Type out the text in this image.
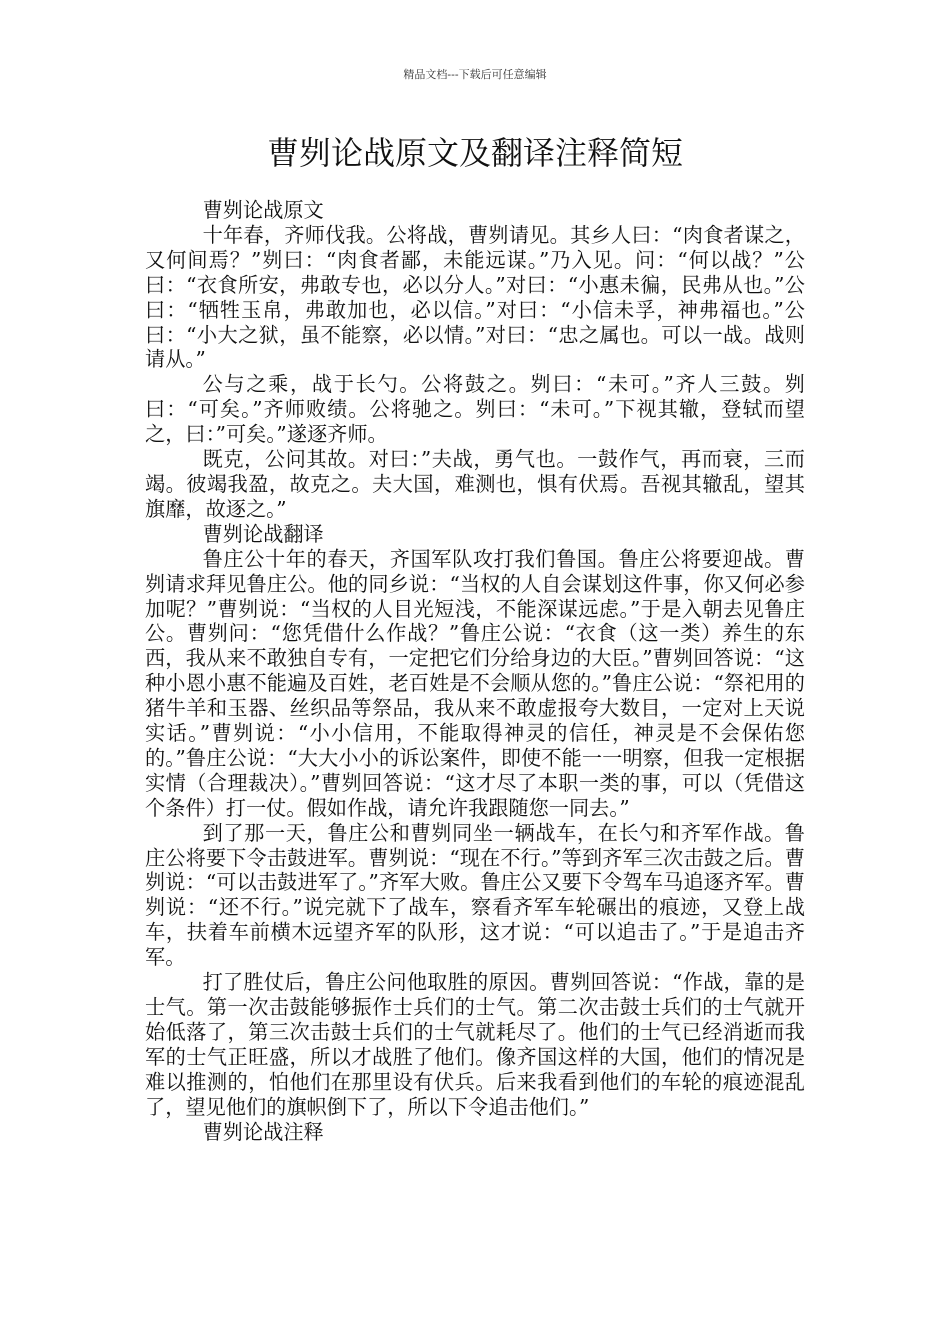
精品文档---下载后可任意编辑
曹刿论战原文及翻译注释简短

曹刿论战原文

十年春，齐师伐我。公将战，曹刿请见。其乡人曰：“肉食者谋之，又何间焉？”刿曰：“肉食者鄙，未能远谋。”乃入见。问：“何以战？”公曰：“衣食所安，弗敢专也，必以分人。”对曰：“小惠未徧，民弗从也。”公曰：“牺牲玉帛，弗敢加也，必以信。”对曰：“小信未孚，神弗福也。”公曰：“小大之狱，虽不能察，必以情。”对曰：“忠之属也。可以一战。战则请从。”

公与之乘，战于长勺。公将鼓之。刿曰：“未可。”齐人三鼓。刿曰：“可矣。”齐师败绩。公将驰之。刿曰：“未可。”下视其辙，登轼而望之，曰：”可矣。”遂逐齐师。

既克，公问其故。对曰：”夫战，勇气也。一鼓作气，再而衰，三而竭。彼竭我盈，故克之。夫大国，难测也，惧有伏焉。吾视其辙乱，望其旗靡，故逐之。”

曹刿论战翻译

鲁庄公十年的春天，齐国军队攻打我们鲁国。鲁庄公将要迎战。曹刿请求拜见鲁庄公。他的同乡说：“当权的人自会谋划这件事，你又何必参加呢？”曹刿说：“当权的人目光短浅，不能深谋远虑。”于是入朝去见鲁庄公。曹刿问：“您凭借什么作战？”鲁庄公说：“衣食（这一类）养生的东西，我从来不敢独自专有，一定把它们分给身边的大臣。”曹刿回答说：“这种小恩小惠不能遍及百姓，老百姓是不会顺从您的。”鲁庄公说：“祭祀用的猪牛羊和玉器、丝织品等祭品，我从来不敢虚报夸大数目，一定对上天说实话。”曹刿说：“小小信用，不能取得神灵的信任，神灵是不会保佑您的。”鲁庄公说：“大大小小的诉讼案件，即使不能一一明察，但我一定根据实情（合理裁决）。”曹刿回答说：“这才尽了本职一类的事，可以（凭借这个条件）打一仗。假如作战，请允许我跟随您一同去。”

到了那一天，鲁庄公和曹刿同坐一辆战车，在长勺和齐军作战。鲁庄公将要下令击鼓进军。曹刿说：“现在不行。”等到齐军三次击鼓之后。曹刿说：“可以击鼓进军了。”齐军大败。鲁庄公又要下令驾车马追逐齐军。曹刿说：“还不行。”说完就下了战车，察看齐军车轮碾出的痕迹，又登上战车，扶着车前横木远望齐军的队形，这才说：“可以追击了。”于是追击齐军。

打了胜仗后，鲁庄公问他取胜的原因。曹刿回答说：“作战，靠的是士气。第一次击鼓能够振作士兵们的士气。第二次击鼓士兵们的士气就开始低落了，第三次击鼓士兵们的士气就耗尽了。他们的士气已经消逝而我军的士气正旺盛，所以才战胜了他们。像齐国这样的大国，他们的情况是难以推测的，怕他们在那里设有伏兵。后来我看到他们的车轮的痕迹混乱了，望见他们的旗帜倒下了，所以下令追击他们。”

曹刿论战注释
